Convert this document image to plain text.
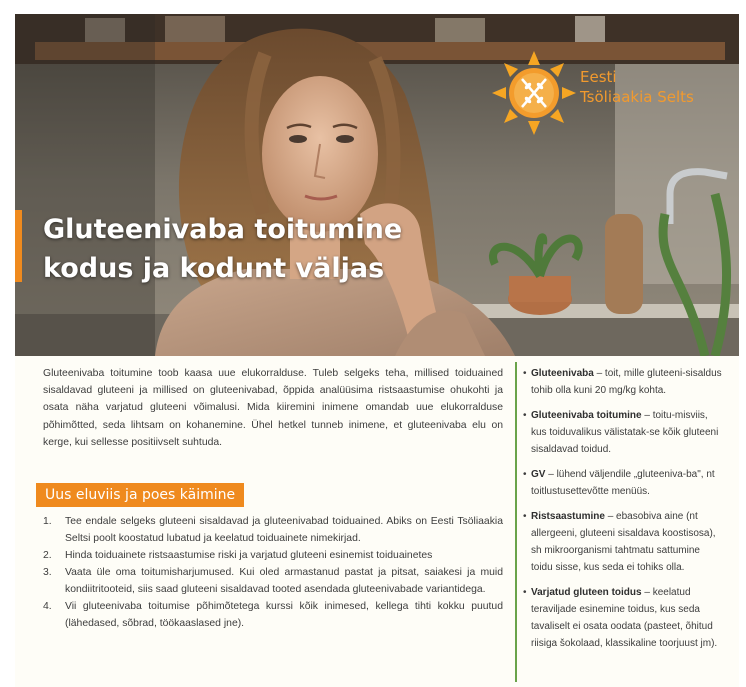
Gluteenivaba toitumine
kodus ja kodunt väljas
Eesti
Tsöliaakia Selts

Gluteenivaba toitumine toob kaasa uue elukorralduse. Tuleb selgeks teha, millised toiduained sisaldavad gluteeni ja millised on gluteenivabad, õppida analüüsima ristsaastumise ohukohti ja osata näha varjatud gluteeni võimalusi. Mida kiiremini inimene omandab uue elukorralduse põhimõtted, seda lihtsam on kohanemine. Ühel hetkel tunneb inimene, et gluteenivaba elu on kerge, kui sellesse positiivselt suhtuda.

Uus eluviis ja poes käimine
1. Tee endale selgeks gluteeni sisaldavad ja gluteenivabad toiduained. Abiks on Eesti Tsöliaakia Seltsi poolt koostatud lubatud ja keelatud toiduainete nimekirjad.
2. Hinda toiduainete ristsaastumise riski ja varjatud gluteeni esinemist toiduainetes
3. Vaata üle oma toitumisharjumused. Kui oled armastanud pastat ja pitsat, saiakesi ja muid kondiitritooteid, siis saad gluteeni sisaldavad tooted asendada gluteenivabade variantidega.
4. Vii gluteenivaba toitumise põhimõtetega kurssi kõik inimesed, kellega tihti kokku puutud (lähedased, sõbrad, töökaaslased jne).
• Gluteenivaba – toit, mille gluteeni-sisaldus tohib olla kuni 20 mg/kg kohta.
• Gluteenivaba toitumine – toitu-misviis, kus toiduvalikus välistatak-se kõik gluteeni sisaldavad toidud.
• GV – lühend väljendile „gluteeniva-ba", nt toitlustusettevõtte menüüs.
• Ristsaastumine – ebasobiva aine (nt allergeeni, gluteeni sisaldava koostisosa), sh mikroorganismi tahtmatu sattumine toidu sisse, kus seda ei tohiks olla.
• Varjatud gluteen toidus – keelatud teraviljade esinemine toidus, kus seda tavaliselt ei osata oodata (pasteet, õhitud riisiga šokolaad, klassikaline toorjuust jm).
